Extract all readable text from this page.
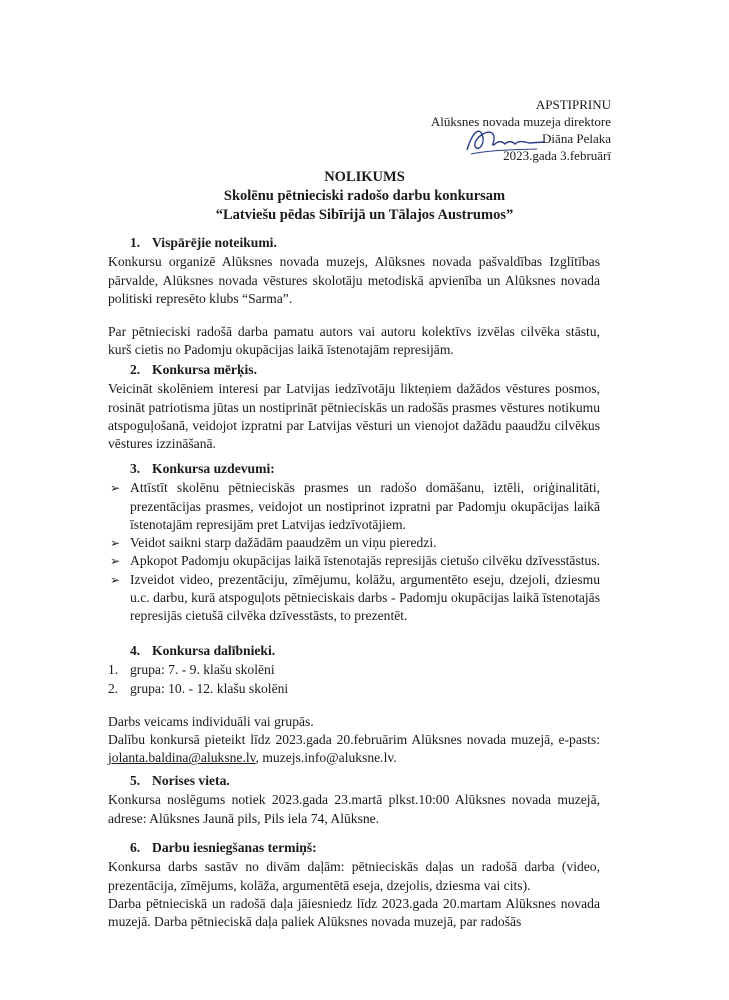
APSTIPRINU
Alūksnes novada muzeja direktore
Diāna Pelaka
2023.gada 3.februārī
NOLIKUMS
Skolēnu pētnieciski radošo darbu konkursam
“Latviešu pēdas Sibīrijā un Tālajos Austrumos”
1. Vispārējie noteikumi.
Konkursu organizē Alūksnes novada muzejs, Alūksnes novada pašvaldības Izglītības pārvalde, Alūksnes novada vēstures skolotāju metodiskā apvienība un Alūksnes novada politiski represēto klubs “Sarma”.
Par pētnieciski radošā darba pamatu autors vai autoru kolektīvs izvēlas cilvēka stāstu, kurš cietis no Padomju okupācijas laikā īstenotajām represijām.
2. Konkursa mērķis.
Veicināt skolēniem interesi par Latvijas iedzīvotāju likteņiem dažādos vēstures posmos, rosināt patriotisma jūtas un nostiprināt pētnieciskās un radošās prasmes vēstures notikumu atspoguļošanā, veidojot izpratni par Latvijas vēsturi un vienojot dažādu paaudžu cilvēkus vēstures izzināšanā.
3. Konkursa uzdevumi:
➢ Attīstīt skolēnu pētnieciskās prasmes un radošo domāšanu, iztēli, oriģinalitāti, prezentācijas prasmes, veidojot un nostiprinot izpratni par Padomju okupācijas laikā īstenotajām represijām pret Latvijas iedzīvotājiem.
➢ Veidot saikni starp dažādām paaudzēm un viņu pieredzi.
➢ Apkopot Padomju okupācijas laikā īstenotajās represijās cietušo cilvēku dzīvesstāstus.
➢ Izveidot video, prezentāciju, zīmējumu, kolāžu, argumentēto eseju, dzejoli, dziesmu u.c. darbu, kurā atspoguļots pētnieciskais darbs - Padomju okupācijas laikā īstenotajās represijās cietušā cilvēka dzīvesstāsts, to prezentēt.
4. Konkursa dalībnieki.
1. grupa: 7. - 9. klašu skolēni
2. grupa: 10. - 12. klašu skolēni
Darbs veicams individuāli vai grupās.
Dalību konkursā pieteikt līdz 2023.gada 20.februārim Alūksnes novada muzejā, e-pasts: jolanta.baldina@aluksne.lv, muzejs.info@aluksne.lv.
5. Norises vieta.
Konkursa noslēgums notiek 2023.gada 23.martā plkst.10:00 Alūksnes novada muzejā, adrese: Alūksnes Jaunā pils, Pils iela 74, Alūksne.
6. Darbu iesniegšanas termiņš:
Konkursa darbs sastāv no divām daļām: pētnieciskās daļas un radošā darba (video, prezentācija, zīmējums, kolāža, argumentētā eseja, dzejolis, dziesma vai cits).
Darba pētnieciskā un radošā daļa jāiesniedz līdz 2023.gada 20.martam Alūksnes novada muzejā. Darba pētnieciskā daļa paliek Alūksnes novada muzejā, par radošās
